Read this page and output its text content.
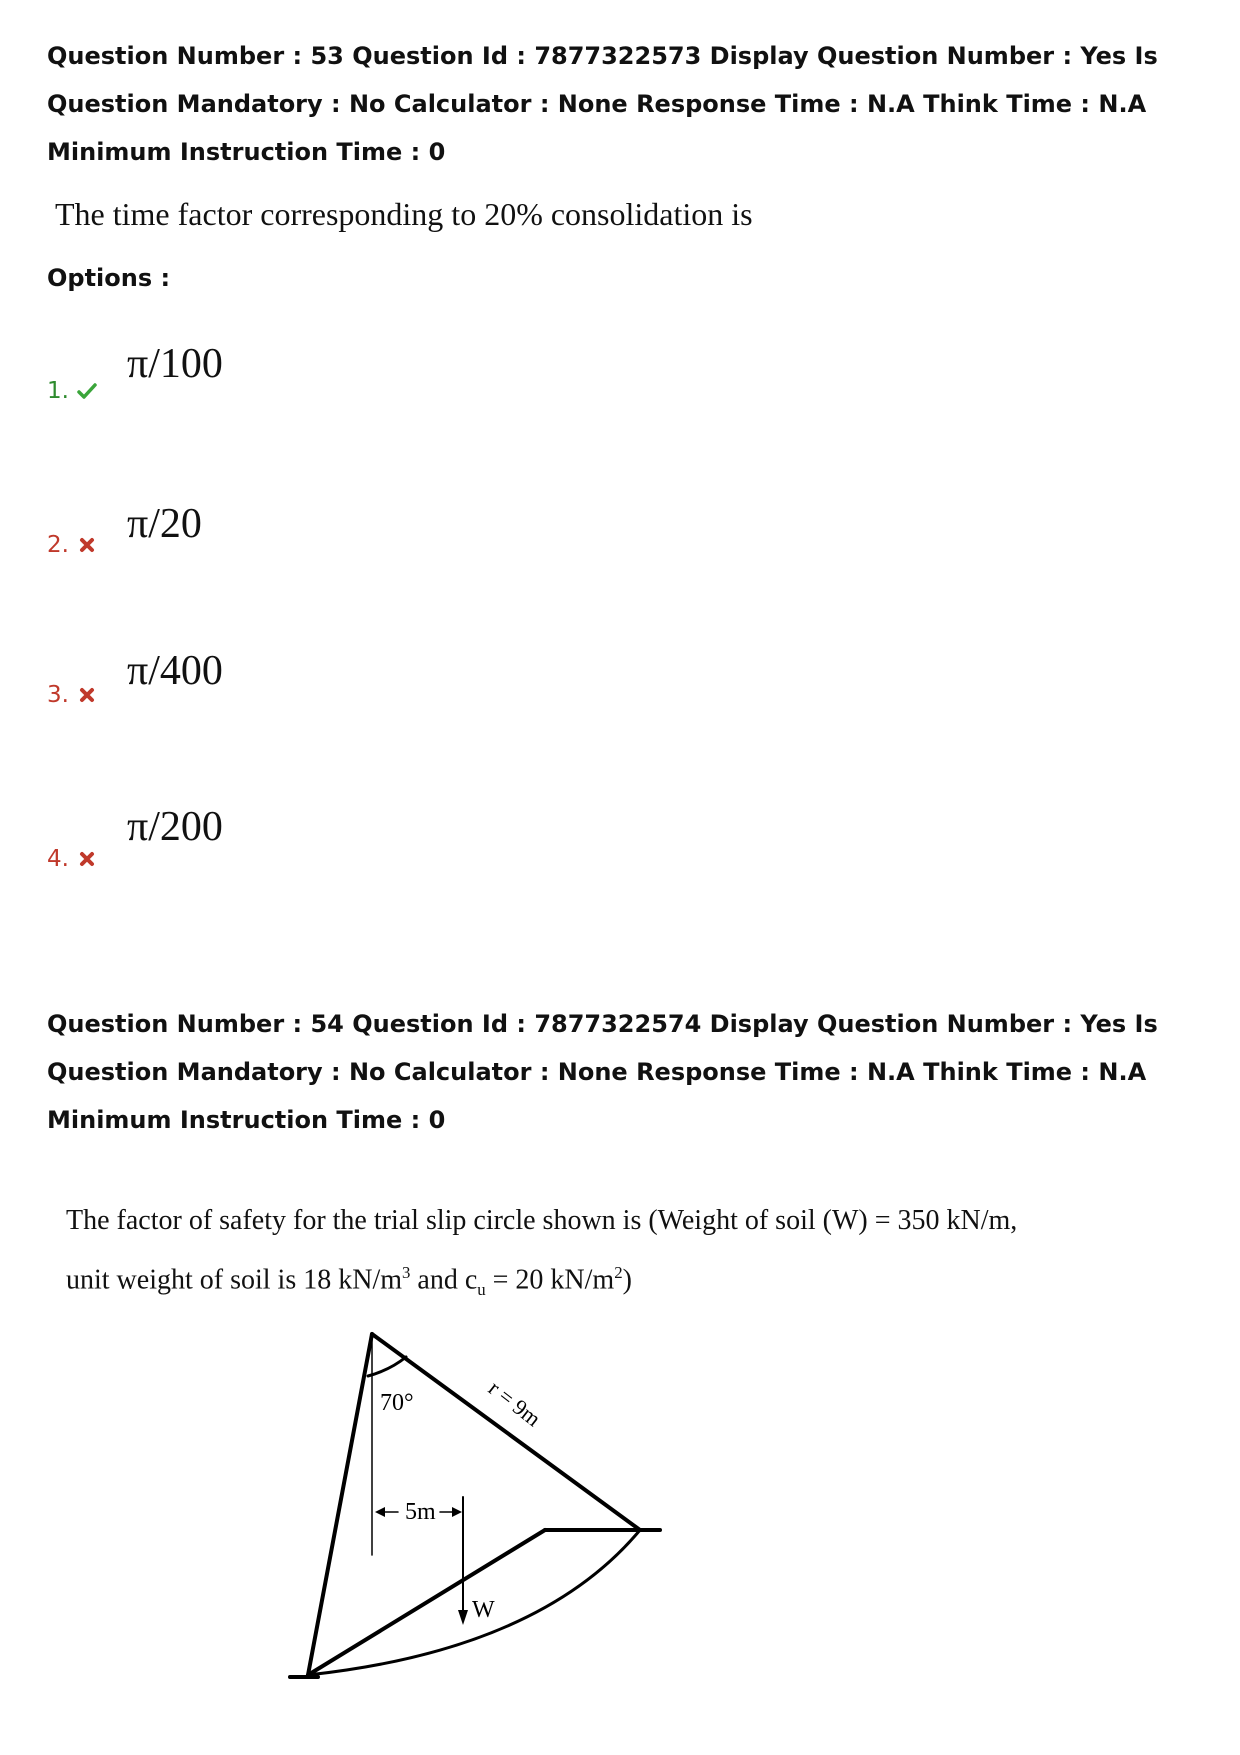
Question Number : 53 Question Id : 7877322573 Display Question Number : Yes Is Question Mandatory : No Calculator : None Response Time : N.A Think Time : N.A Minimum Instruction Time : 0
The time factor corresponding to 20% consolidation is
Options :
1.
π/100
2. π/20
3.
π/400
4.
π/200
Question Number : 54 Question Id : 7877322574 Display Question Number : Yes Is Question Mandatory : No Calculator : None Response Time : N.A Think Time : N.A Minimum Instruction Time : 0
The factor of safety for the trial slip circle shown is (Weight of soil (W) = 350 kN/m,
unit weight of soil is 18 $kN/m^3$ and $c_u = 20$ $kN/m^2$)
70°	r = 9m
5m
W
